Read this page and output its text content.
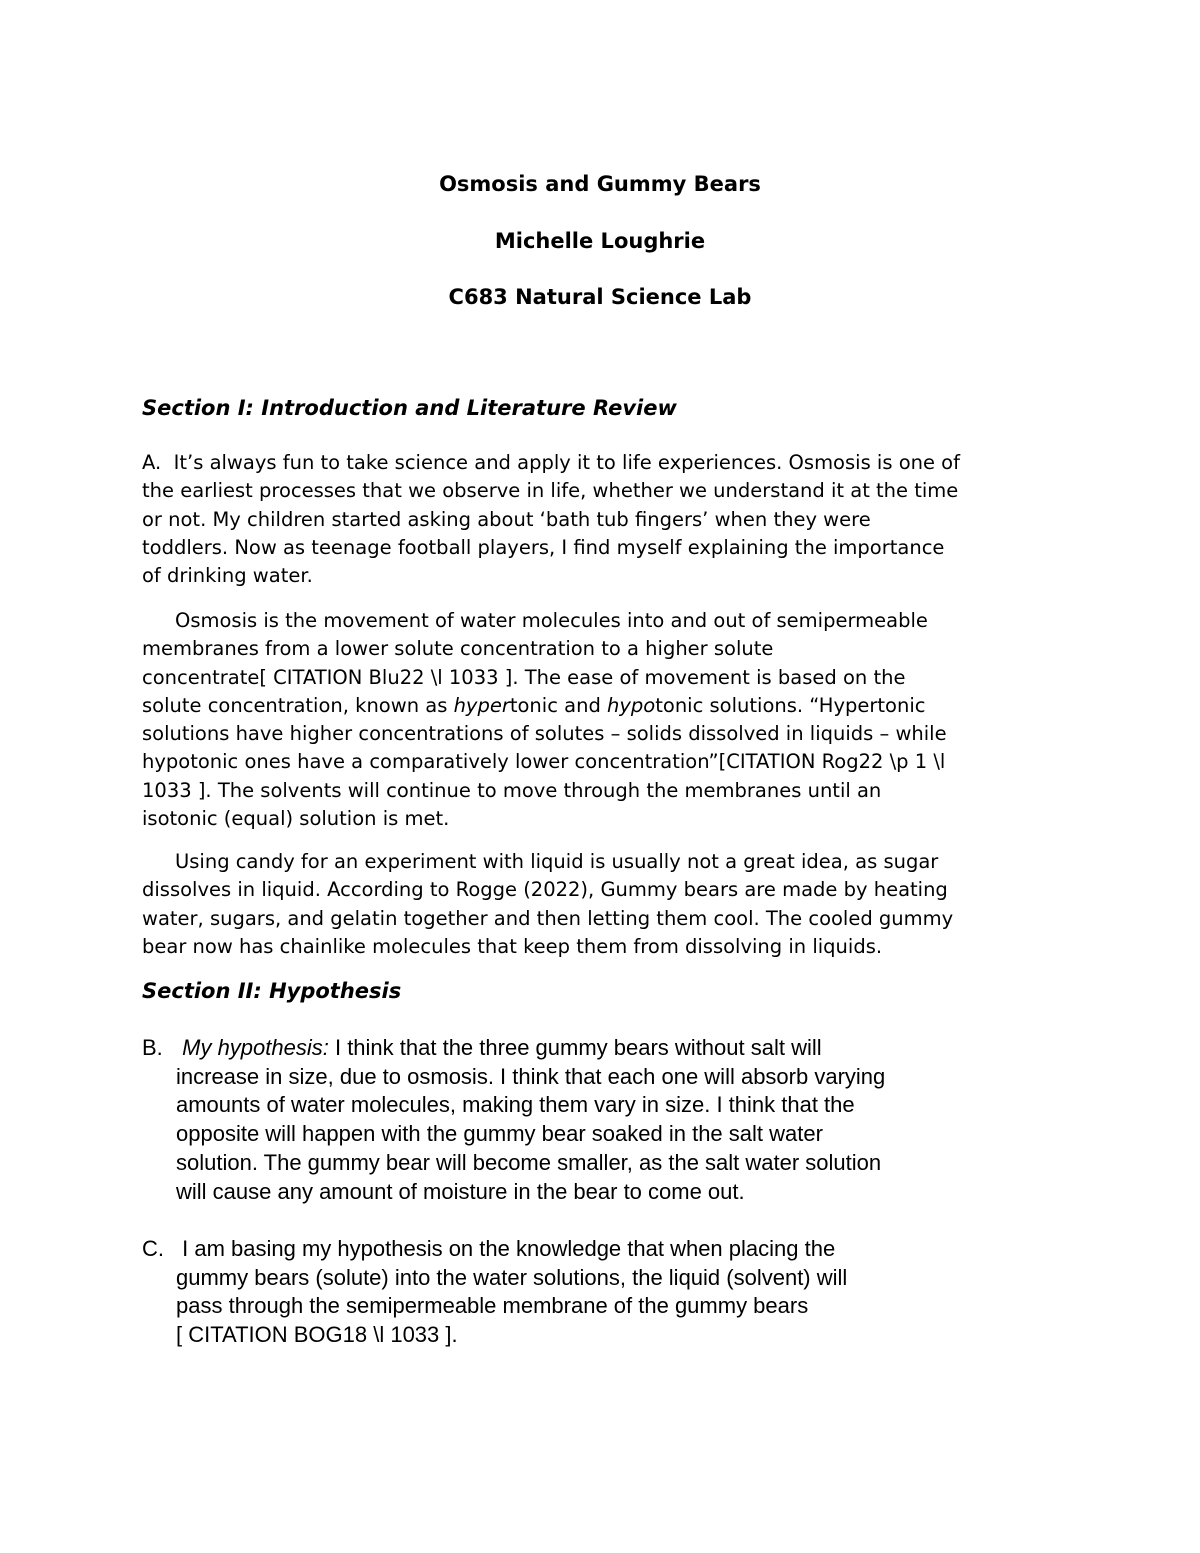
Osmosis and Gummy Bears

Michelle Loughrie

C683 Natural Science Lab

Section I: Introduction and Literature Review

A. It’s always fun to take science and apply it to life experiences. Osmosis is one of
the earliest processes that we observe in life, whether we understand it at the time
or not. My children started asking about ‘bath tub fingers’ when they were
toddlers. Now as teenage football players, I find myself explaining the importance
of drinking water.

Osmosis is the movement of water molecules into and out of semipermeable
membranes from a lower solute concentration to a higher solute
concentrate[ CITATION Blu22 \l 1033 ]. The ease of movement is based on the
solute concentration, known as hypertonic and hypotonic solutions. “Hypertonic
solutions have higher concentrations of solutes – solids dissolved in liquids – while
hypotonic ones have a comparatively lower concentration”[CITATION Rog22 \p 1 \l
1033 ]. The solvents will continue to move through the membranes until an
isotonic (equal) solution is met.

Using candy for an experiment with liquid is usually not a great idea, as sugar
dissolves in liquid. According to Rogge (2022), Gummy bears are made by heating
water, sugars, and gelatin together and then letting them cool. The cooled gummy
bear now has chainlike molecules that keep them from dissolving in liquids.

Section II: Hypothesis
B. My hypothesis: I think that the three gummy bears without salt will
increase in size, due to osmosis. I think that each one will absorb varying
amounts of water molecules, making them vary in size. I think that the
opposite will happen with the gummy bear soaked in the salt water
solution. The gummy bear will become smaller, as the salt water solution
will cause any amount of moisture in the bear to come out.
C. I am basing my hypothesis on the knowledge that when placing the
gummy bears (solute) into the water solutions, the liquid (solvent) will
pass through the semipermeable membrane of the gummy bears
[ CITATION BOG18 \l 1033 ].
